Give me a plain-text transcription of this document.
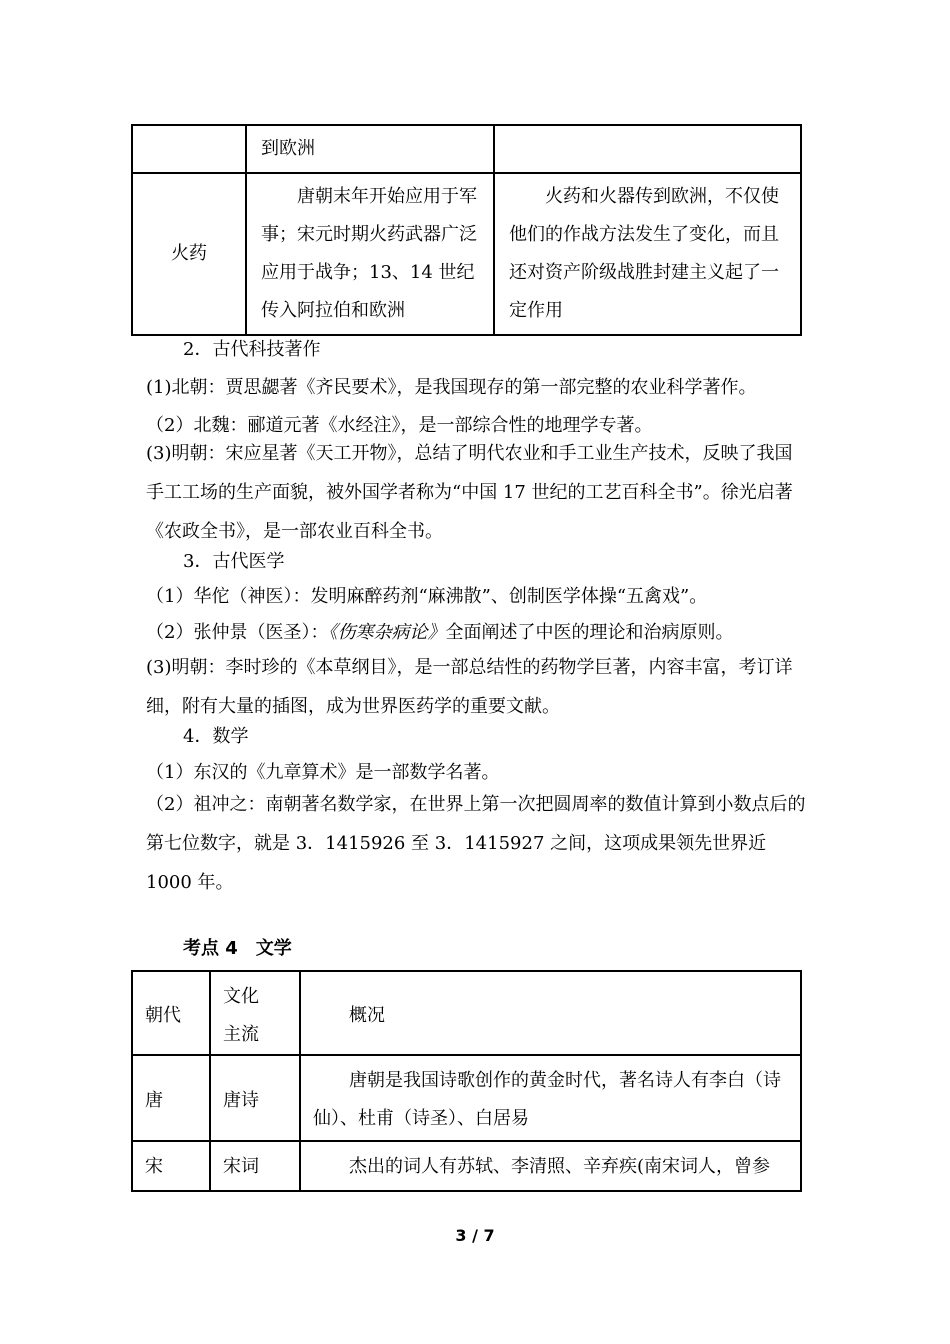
	到欧洲	

火药	唐朝末年开始应用于军事；宋元时期火药武器广泛应用于战争；13、14 世纪传入阿拉伯和欧洲	火药和火器传到欧洲，不仅使他们的作战方法发生了变化，而且还对资产阶级战胜封建主义起了一定作用
2．古代科技著作
(1)北朝：贾思勰著《齐民要术》，是我国现存的第一部完整的农业科学著作。
（2）北魏：郦道元著《水经注》，是一部综合性的地理学专著。
(3)明朝：宋应星著《天工开物》，总结了明代农业和手工业生产技术，反映了我国手工工场的生产面貌，被外国学者称为“中国 17 世纪的工艺百科全书”。徐光启著《农政全书》，是一部农业百科全书。
3．古代医学
（1）华佗（神医）：发明麻醉药剂“麻沸散”、创制医学体操“五禽戏”。
（2）张仲景（医圣）：《伤寒杂病论》全面阐述了中医的理论和治病原则。
(3)明朝：李时珍的《本草纲目》，是一部总结性的药物学巨著，内容丰富，考订详细，附有大量的插图，成为世界医药学的重要文献。
4．数学
（1）东汉的《九章算术》是一部数学名著。
（2）祖冲之：南朝著名数学家，在世界上第一次把圆周率的数值计算到小数点后的第七位数字，就是 3．1415926 至 3．1415927 之间，这项成果领先世界近 1000 年。
考点 4　文学
朝代	文化主流	概况

唐	唐诗	唐朝是我国诗歌创作的黄金时代，著名诗人有李白（诗仙）、杜甫（诗圣）、白居易

宋	宋词	杰出的词人有苏轼、李清照、辛弃疾(南宋词人，曾参
3 / 7
